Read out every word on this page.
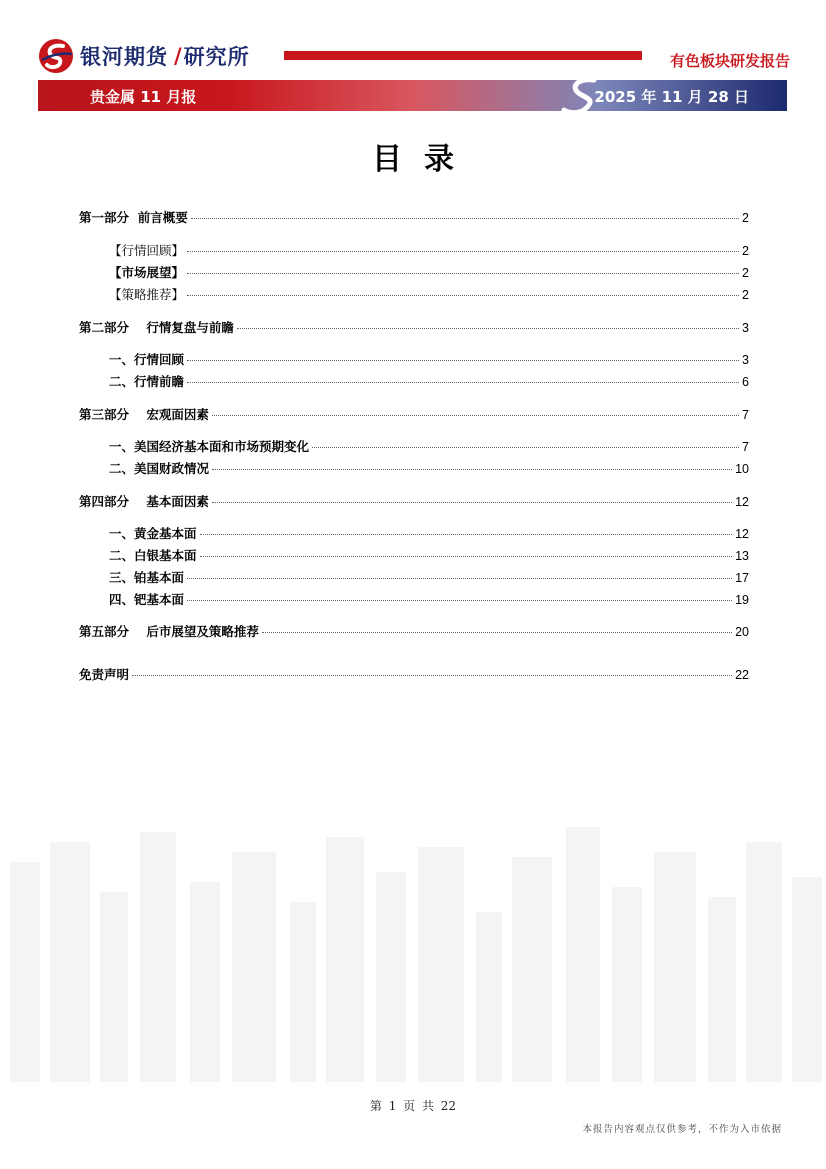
银河期货 / 研究所	有色板块研发报告
贵金属 11 月报	2025 年 11 月 28 日
目录
第一部分  前言概要	2
【行情回顾】	2
【市场展望】	2
【策略推荐】	2
第二部分    行情复盘与前瞻	3
一、行情回顾	3
二、行情前瞻	6
第三部分    宏观面因素	7
一、美国经济基本面和市场预期变化	7
二、美国财政情况	10
第四部分    基本面因素	12
一、黄金基本面	12
二、白银基本面	13
三、铂基本面	17
四、钯基本面	19
第五部分    后市展望及策略推荐	20
免责声明	22
第 1 页 共 22
本报告内容观点仅供参考，不作为入市依据
